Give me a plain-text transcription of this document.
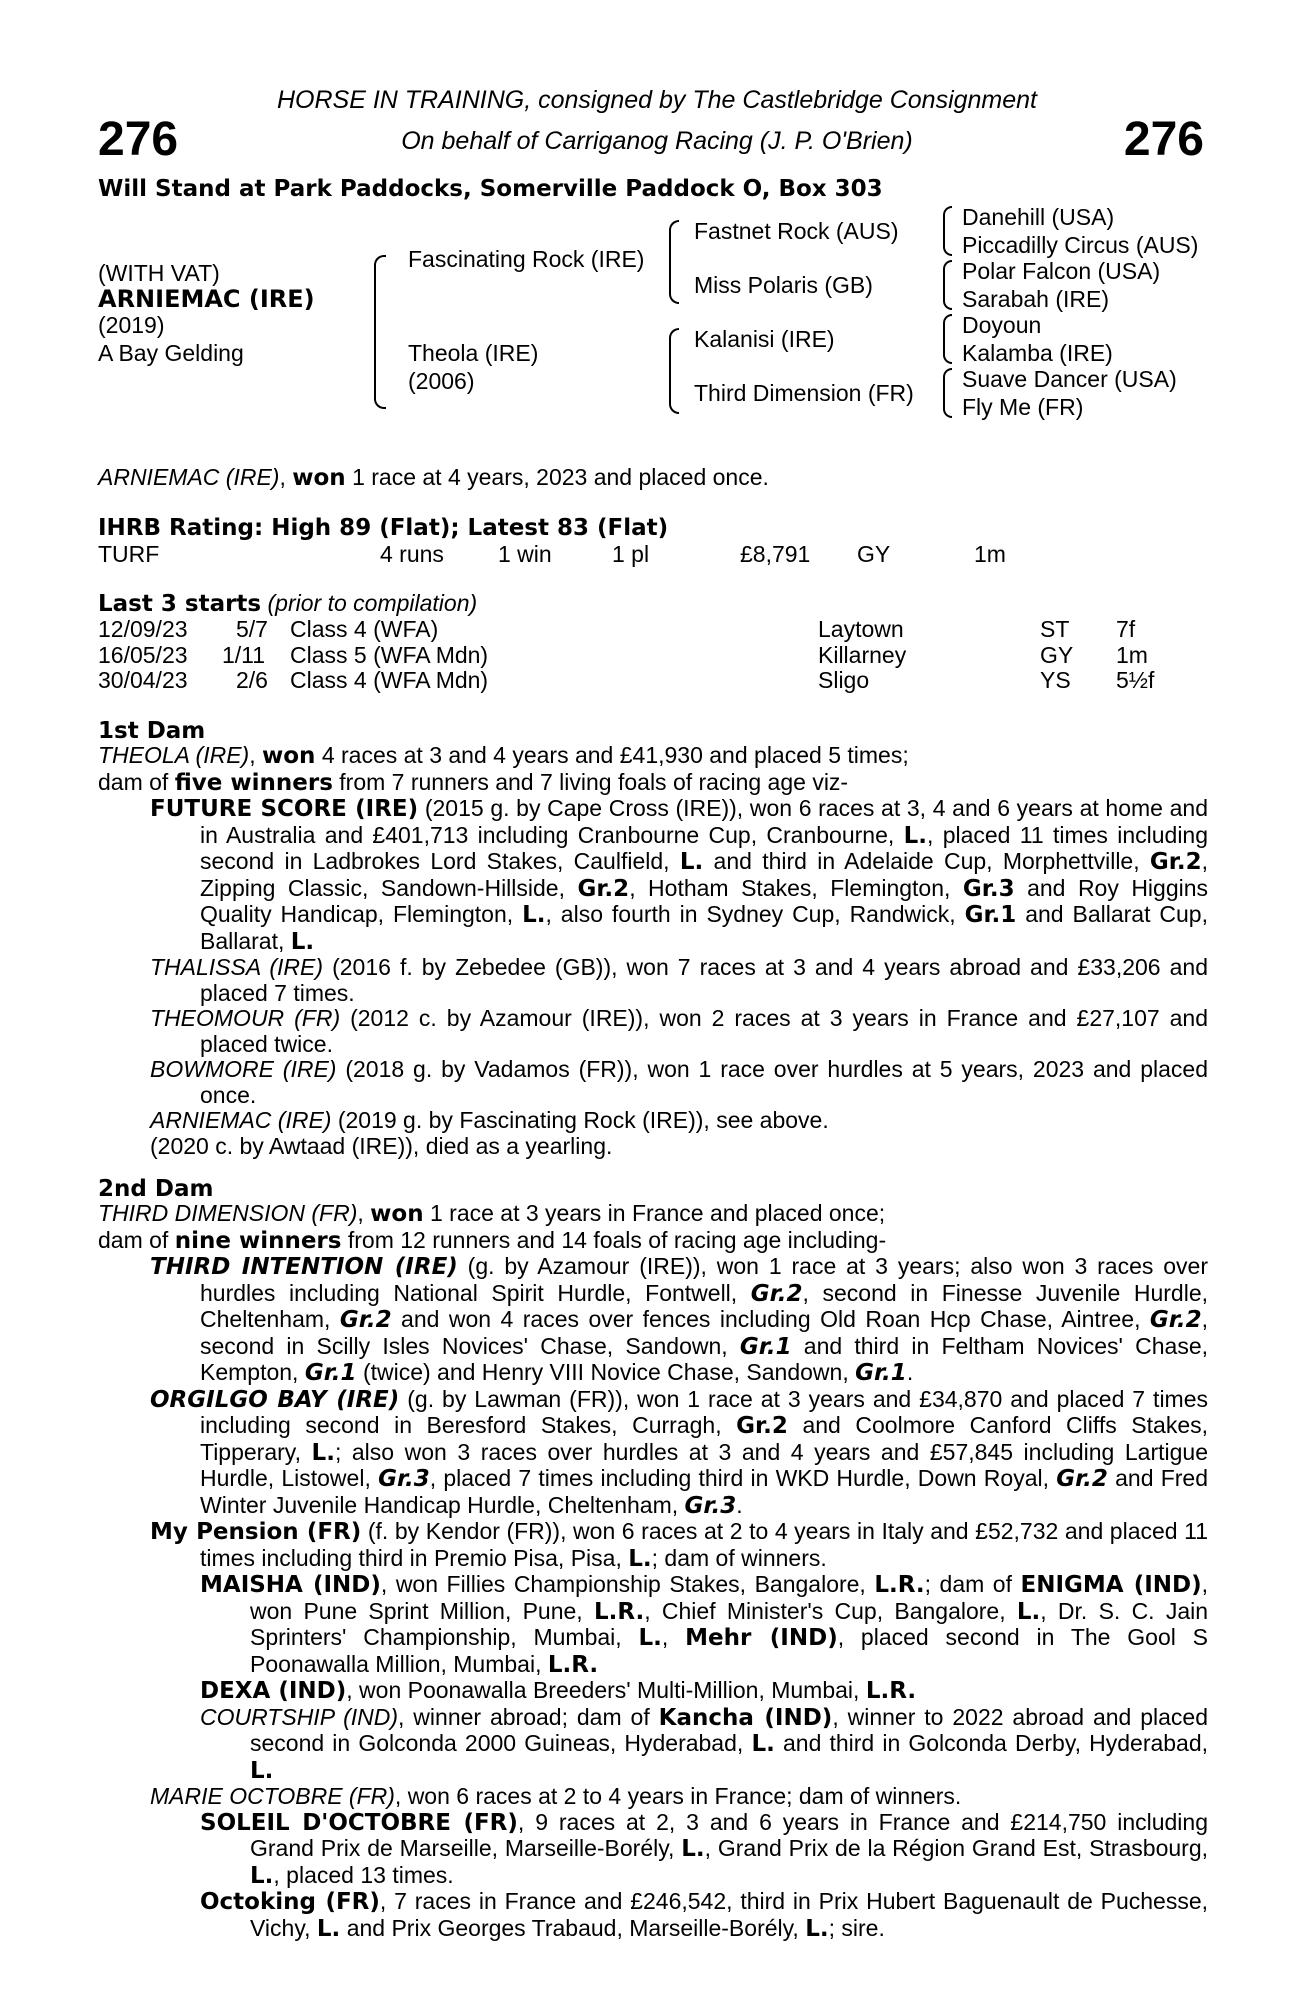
276	276
HORSE IN TRAINING, consigned by The Castlebridge Consignment
On behalf of Carriganog Racing (J. P. O'Brien)
Will Stand at Park Paddocks, Somerville Paddock O, Box 303
(WITH VAT)
ARNIEMAC (IRE)
(2019)
A Bay Gelding
Fascinating Rock (IRE)
Theola (IRE)
(2006)
Fastnet Rock (AUS)
Miss Polaris (GB)
Kalanisi (IRE)
Third Dimension (FR)
Danehill (USA)
Piccadilly Circus (AUS)
Polar Falcon (USA)
Sarabah (IRE)
Doyoun
Kalamba (IRE)
Suave Dancer (USA)
Fly Me (FR)
ARNIEMAC (IRE), won 1 race at 4 years, 2023 and placed once.
IHRB Rating: High 89 (Flat); Latest 83 (Flat)
TURF	4 runs 1 win	1 pl	£8,791 GY	1m
Last 3 starts (prior to compilation)
12/09/23 5/7 Class 4 (WFA)	Laytown	ST 7f
16/05/23 1/11 Class 5 (WFA Mdn)	Killarney	GY 1m
30/04/23 2/6 Class 4 (WFA Mdn)	Sligo	YS 5½f
1st Dam

THEOLA (IRE), won 4 races at 3 and 4 years and £41,930 and placed 5 times;

dam of five winners from 7 runners and 7 living foals of racing age viz-

FUTURE SCORE (IRE) (2015 g. by Cape Cross (IRE)), won 6 races at 3, 4 and 6 years at home and in Australia and £401,713 including Cranbourne Cup, Cranbourne, L., placed 11 times including second in Ladbrokes Lord Stakes, Caulfield, L. and third in Adelaide Cup, Morphettville, Gr.2, Zipping Classic, Sandown-Hillside, Gr.2, Hotham Stakes, Flemington, Gr.3 and Roy Higgins Quality Handicap, Flemington, L., also fourth in Sydney Cup, Randwick, Gr.1 and Ballarat Cup, Ballarat, L.

THALISSA (IRE) (2016 f. by Zebedee (GB)), won 7 races at 3 and 4 years abroad and £33,206 and placed 7 times.

THEOMOUR (FR) (2012 c. by Azamour (IRE)), won 2 races at 3 years in France and £27,107 and placed twice.

BOWMORE (IRE) (2018 g. by Vadamos (FR)), won 1 race over hurdles at 5 years, 2023 and placed once.

ARNIEMAC (IRE) (2019 g. by Fascinating Rock (IRE)), see above.

(2020 c. by Awtaad (IRE)), died as a yearling.

2nd Dam

THIRD DIMENSION (FR), won 1 race at 3 years in France and placed once;

dam of nine winners from 12 runners and 14 foals of racing age including-

THIRD INTENTION (IRE) (g. by Azamour (IRE)), won 1 race at 3 years; also won 3 races over hurdles including National Spirit Hurdle, Fontwell, Gr.2, second in Finesse Juvenile Hurdle, Cheltenham, Gr.2 and won 4 races over fences including Old Roan Hcp Chase, Aintree, Gr.2, second in Scilly Isles Novices' Chase, Sandown, Gr.1 and third in Feltham Novices' Chase, Kempton, Gr.1 (twice) and Henry VIII Novice Chase, Sandown, Gr.1.

ORGILGO BAY (IRE) (g. by Lawman (FR)), won 1 race at 3 years and £34,870 and placed 7 times including second in Beresford Stakes, Curragh, Gr.2 and Coolmore Canford Cliffs Stakes, Tipperary, L.; also won 3 races over hurdles at 3 and 4 years and £57,845 including Lartigue Hurdle, Listowel, Gr.3, placed 7 times including third in WKD Hurdle, Down Royal, Gr.2 and Fred Winter Juvenile Handicap Hurdle, Cheltenham, Gr.3.

My Pension (FR) (f. by Kendor (FR)), won 6 races at 2 to 4 years in Italy and £52,732 and placed 11 times including third in Premio Pisa, Pisa, L.; dam of winners.

MAISHA (IND), won Fillies Championship Stakes, Bangalore, L.R.; dam of ENIGMA (IND), won Pune Sprint Million, Pune, L.R., Chief Minister's Cup, Bangalore, L., Dr. S. C. Jain Sprinters' Championship, Mumbai, L., Mehr (IND), placed second in The Gool S Poonawalla Million, Mumbai, L.R.

DEXA (IND), won Poonawalla Breeders' Multi-Million, Mumbai, L.R.

COURTSHIP (IND), winner abroad; dam of Kancha (IND), winner to 2022 abroad and placed second in Golconda 2000 Guineas, Hyderabad, L. and third in Golconda Derby, Hyderabad, L.

MARIE OCTOBRE (FR), won 6 races at 2 to 4 years in France; dam of winners.

SOLEIL D'OCTOBRE (FR), 9 races at 2, 3 and 6 years in France and £214,750 including Grand Prix de Marseille, Marseille-Borély, L., Grand Prix de la Région Grand Est, Strasbourg, L., placed 13 times.

Octoking (FR), 7 races in France and £246,542, third in Prix Hubert Baguenault de Puchesse, Vichy, L. and Prix Georges Trabaud, Marseille-Borély, L.; sire.
